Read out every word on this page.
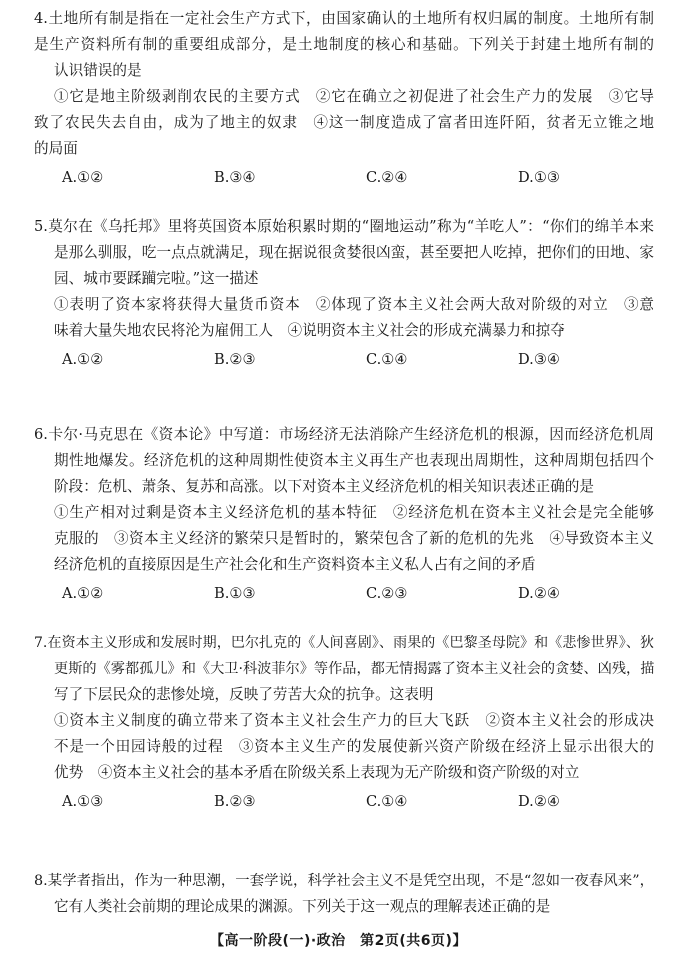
4.土地所有制是指在一定社会生产方式下，由国家确认的土地所有权归属的制度。土地所有制
是生产资料所有制的重要组成部分，是土地制度的核心和基础。下列关于封建土地所有制的
认识错误的是
①它是地主阶级剥削农民的主要方式　②它在确立之初促进了社会生产力的发展　③它导
致了农民失去自由，成为了地主的奴隶　④这一制度造成了富者田连阡陌，贫者无立锥之地
的局面
A.①②	B.③④	C.②④	D.①③
5.莫尔在《乌托邦》里将英国资本原始积累时期的“圈地运动”称为“羊吃人”：“你们的绵羊本来
是那么驯服，吃一点点就满足，现在据说很贪婪很凶蛮，甚至要把人吃掉，把你们的田地、家
园、城市要蹂躏完啦。”这一描述
①表明了资本家将获得大量货币资本　②体现了资本主义社会两大敌对阶级的对立　③意
味着大量失地农民将沦为雇佣工人　④说明资本主义社会的形成充满暴力和掠夺
A.①②	B.②③	C.①④	D.③④
6.卡尔·马克思在《资本论》中写道：市场经济无法消除产生经济危机的根源，因而经济危机周
期性地爆发。经济危机的这种周期性使资本主义再生产也表现出周期性，这种周期包括四个
阶段：危机、萧条、复苏和高涨。以下对资本主义经济危机的相关知识表述正确的是
①生产相对过剩是资本主义经济危机的基本特征　②经济危机在资本主义社会是完全能够
克服的　③资本主义经济的繁荣只是暂时的，繁荣包含了新的危机的先兆　④导致资本主义
经济危机的直接原因是生产社会化和生产资料资本主义私人占有之间的矛盾
A.①②	B.①③	C.②③	D.②④
7.在资本主义形成和发展时期，巴尔扎克的《人间喜剧》、雨果的《巴黎圣母院》和《悲惨世界》、狄
更斯的《雾都孤儿》和《大卫·科波菲尔》等作品，都无情揭露了资本主义社会的贪婪、凶残，描
写了下层民众的悲惨处境，反映了劳苦大众的抗争。这表明
①资本主义制度的确立带来了资本主义社会生产力的巨大飞跃　②资本主义社会的形成决
不是一个田园诗般的过程　③资本主义生产的发展使新兴资产阶级在经济上显示出很大的
优势　④资本主义社会的基本矛盾在阶级关系上表现为无产阶级和资产阶级的对立
A.①③	B.②③	C.①④	D.②④
8.某学者指出，作为一种思潮，一套学说，科学社会主义不是凭空出现，不是“忽如一夜春风来”，
它有人类社会前期的理论成果的渊源。下列关于这一观点的理解表述正确的是
【高一阶段(一)·政治　第2页(共6页)】
